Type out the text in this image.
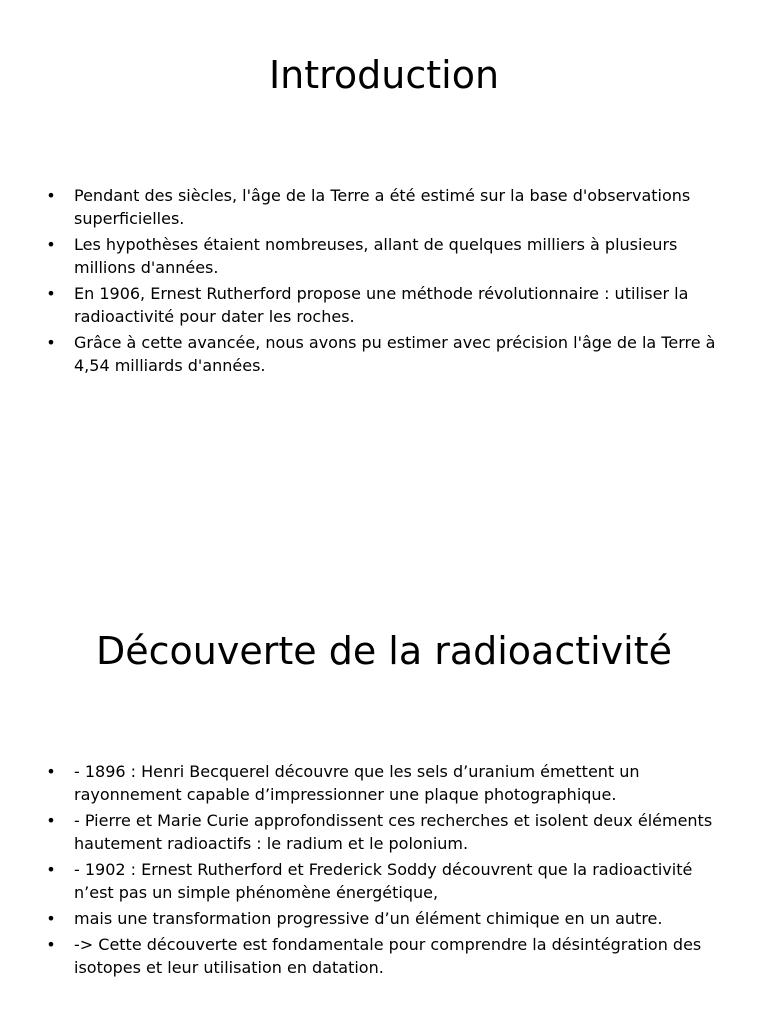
Introduction
• Pendant des siècles, l'âge de la Terre a été estimé sur la base d'observations superficielles.
• Les hypothèses étaient nombreuses, allant de quelques milliers à plusieurs millions d'années.
• En 1906, Ernest Rutherford propose une méthode révolutionnaire : utiliser la radioactivité pour dater les roches.
• Grâce à cette avancée, nous avons pu estimer avec précision l'âge de la Terre à 4,54 milliards d'années.
Découverte de la radioactivité
• - 1896 : Henri Becquerel découvre que les sels d’uranium émettent un rayonnement capable d’impressionner une plaque photographique.
• - Pierre et Marie Curie approfondissent ces recherches et isolent deux éléments hautement radioactifs : le radium et le polonium.
• - 1902 : Ernest Rutherford et Frederick Soddy découvrent que la radioactivité n’est pas un simple phénomène énergétique,
• mais une transformation progressive d’un élément chimique en un autre.
• -> Cette découverte est fondamentale pour comprendre la désintégration des isotopes et leur utilisation en datation.
